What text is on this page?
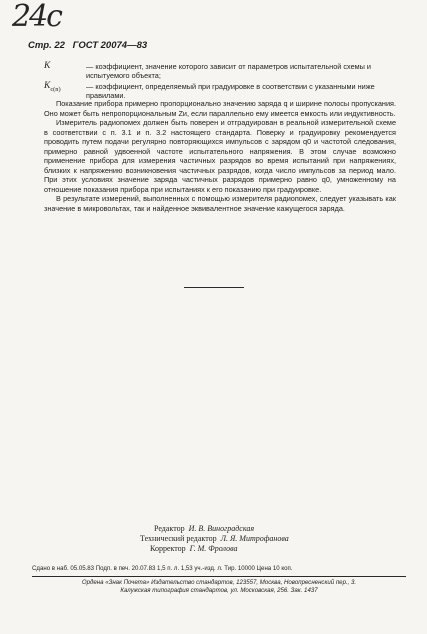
24с
Стр. 22 ГОСТ 20074—83
K	— коэффициент, значение которого зависит от параметров испытательной схемы и испытуемого объекта;
$K_{c(n)}$	— коэффициент, определяемый при градуировке в соответствии с указанными ниже правилами.

Показание прибора примерно пропорционально значению заряда q и ширине полосы пропускания. Оно может быть непропорциональным Zи, если параллельно ему имеется емкость или индуктивность.

Измеритель радиопомех должен быть поверен и отградуирован в реальной измерительной схеме в соответствии с п. 3.1 и п. 3.2 настоящего стандарта. Поверку и градуировку рекомендуется проводить путем подачи регулярно повторяющихся импульсов с зарядом q0 и частотой следования, примерно равной удвоенной частоте испытательного напряжения. В этом случае возможно применение прибора для измерения частичных разрядов во время испытаний при напряжениях, близких к напряжению возникновения частичных разрядов, когда число импульсов за период мало. При этих условиях значение заряда частичных разрядов примерно равно q0, умноженному на отношение показания прибора при испытаниях к его показанию при градуировке.

В результате измерений, выполненных с помощью измерителя радиопомех, следует указывать как значение в микровольтах, так и найденное эквивалентное значение кажущегося заряда.

Редактор И. В. Виноградская
Технический редактор Л. Я. Митрофанова
Корректор Г. М. Фролова
Сдано в наб. 05.05.83 Подп. в печ. 20.07.83 1,5 п. л. 1,53 уч.-изд. л. Тир. 10000 Цена 10 коп.
Ордена «Знак Почета» Издательство стандартов, 123557, Москва, Новопресненский пер., 3.
Калужская типография стандартов, ул. Московская, 256. Зак. 1437
